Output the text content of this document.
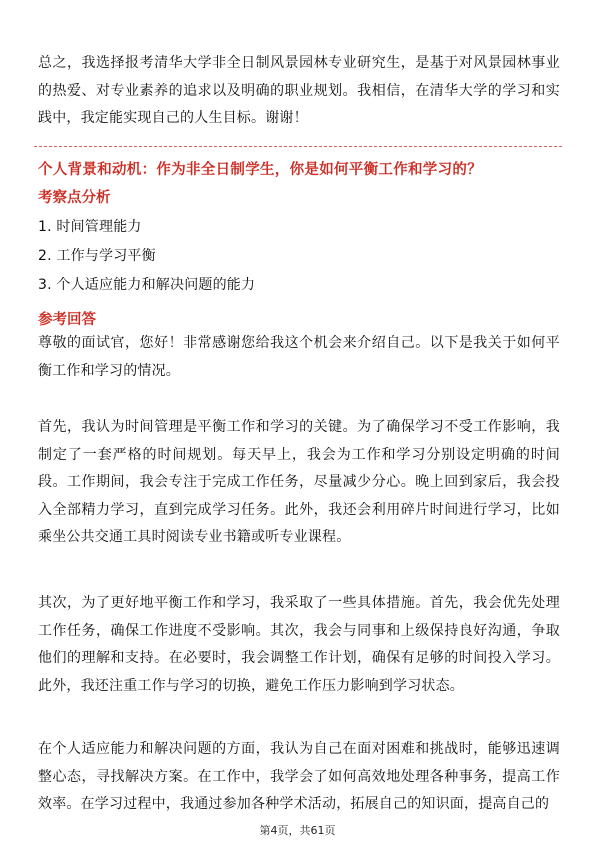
总之，我选择报考清华大学非全日制风景园林专业研究生，是基于对风景园林事业的热爱、对专业素养的追求以及明确的职业规划。我相信，在清华大学的学习和实践中，我定能实现自己的人生目标。谢谢！

个人背景和动机：作为非全日制学生，你是如何平衡工作和学习的？

考察点分析

1. 时间管理能力

2. 工作与学习平衡

3. 个人适应能力和解决问题的能力

参考回答

尊敬的面试官，您好！非常感谢您给我这个机会来介绍自己。以下是我关于如何平衡工作和学习的情况。

首先，我认为时间管理是平衡工作和学习的关键。为了确保学习不受工作影响，我制定了一套严格的时间规划。每天早上，我会为工作和学习分别设定明确的时间段。工作期间，我会专注于完成工作任务，尽量减少分心。晚上回到家后，我会投入全部精力学习，直到完成学习任务。此外，我还会利用碎片时间进行学习，比如乘坐公共交通工具时阅读专业书籍或听专业课程。

其次，为了更好地平衡工作和学习，我采取了一些具体措施。首先，我会优先处理工作任务，确保工作进度不受影响。其次，我会与同事和上级保持良好沟通，争取他们的理解和支持。在必要时，我会调整工作计划，确保有足够的时间投入学习。此外，我还注重工作与学习的切换，避免工作压力影响到学习状态。

在个人适应能力和解决问题的方面，我认为自己在面对困难和挑战时，能够迅速调整心态，寻找解决方案。在工作中，我学会了如何高效地处理各种事务，提高工作效率。在学习过程中，我通过参加各种学术活动，拓展自己的知识面，提高自己的

第4页，共61页
